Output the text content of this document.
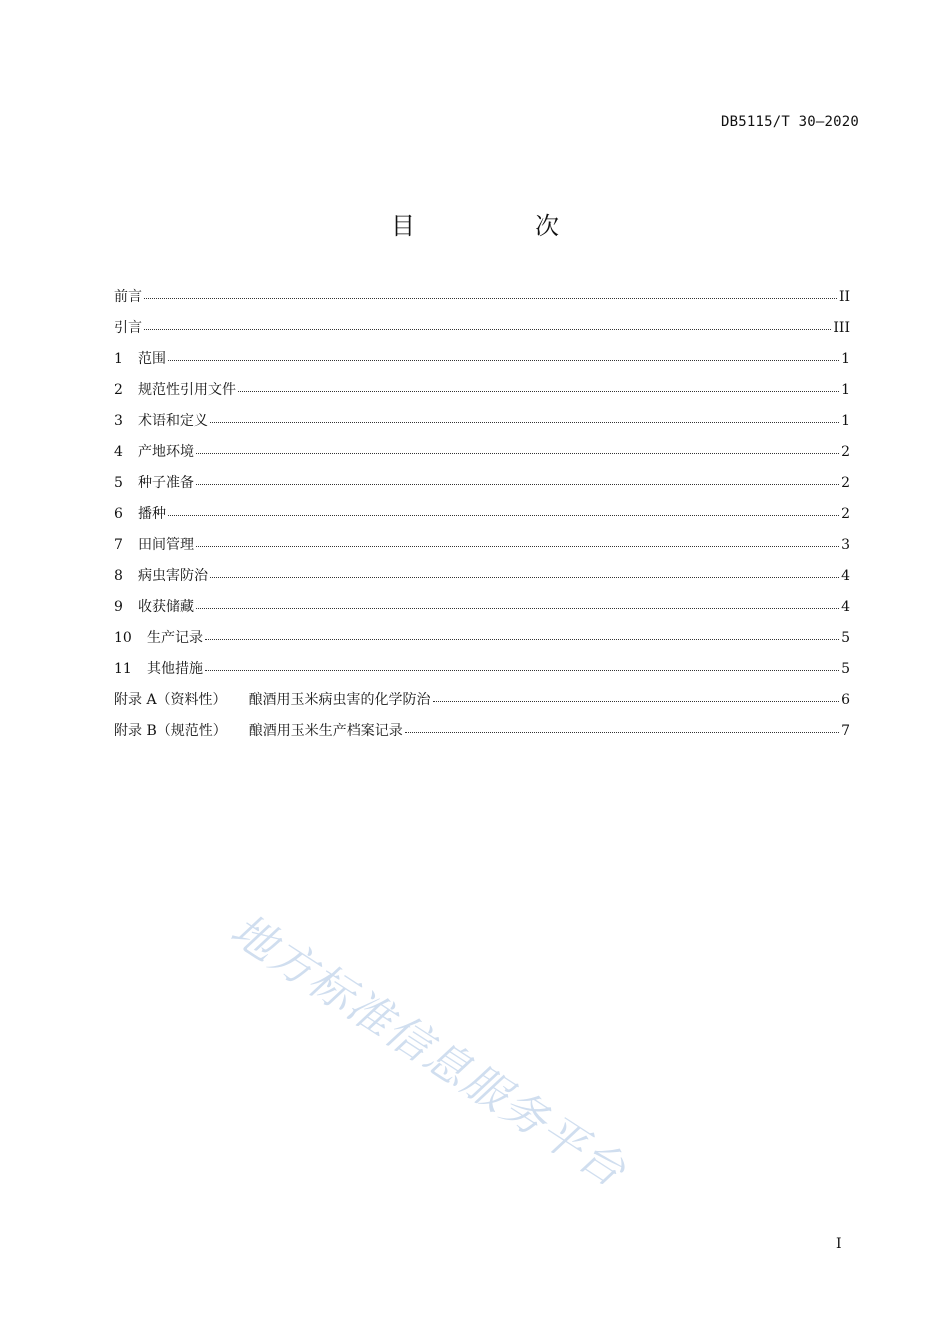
DB5115/T 30—2020
目　次
前言	II
引言	III
1	范围	1
2	规范性引用文件	1
3	术语和定义	1
4	产地环境	2
5	种子准备	2
6	播种	2
7	田间管理	3
8	病虫害防治	4
9	收获储藏	4
10	生产记录	5
11	其他措施	5
附录 A（资料性） 酿酒用玉米病虫害的化学防治	6
附录 B（规范性） 酿酒用玉米生产档案记录	7
地方标准信息服务平台
I
